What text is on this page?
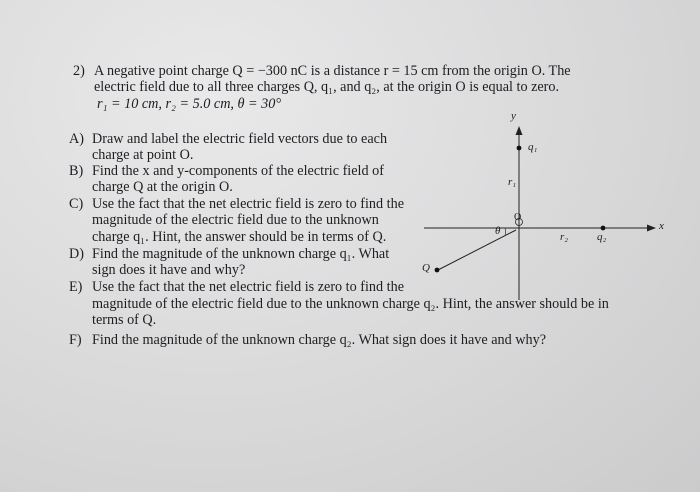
2) A negative point charge Q = −300 nC is a distance r = 15 cm from the origin O. The
electric field due to all three charges Q, q₁, and q₂, at the origin O is equal to zero.
r₁ = 10 cm, r₂ = 5.0 cm, θ = 30°
A) Draw and label the electric field vectors due to each
charge at point O.
B) Find the x and y-components of the electric field of
charge Q at the origin O.
C) Use the fact that the net electric field is zero to find the
magnitude of the electric field due to the unknown
charge q₁. Hint, the answer should be in terms of Q.
D) Find the magnitude of the unknown charge q₁. What
sign does it have and why?
E) Use the fact that the net electric field is zero to find the
magnitude of the electric field due to the unknown charge q₂. Hint, the answer should be in
terms of Q.
F) Find the magnitude of the unknown charge q₂. What sign does it have and why?
y
x
q₁
r₁
O
θ	r₂	q₂
Q
